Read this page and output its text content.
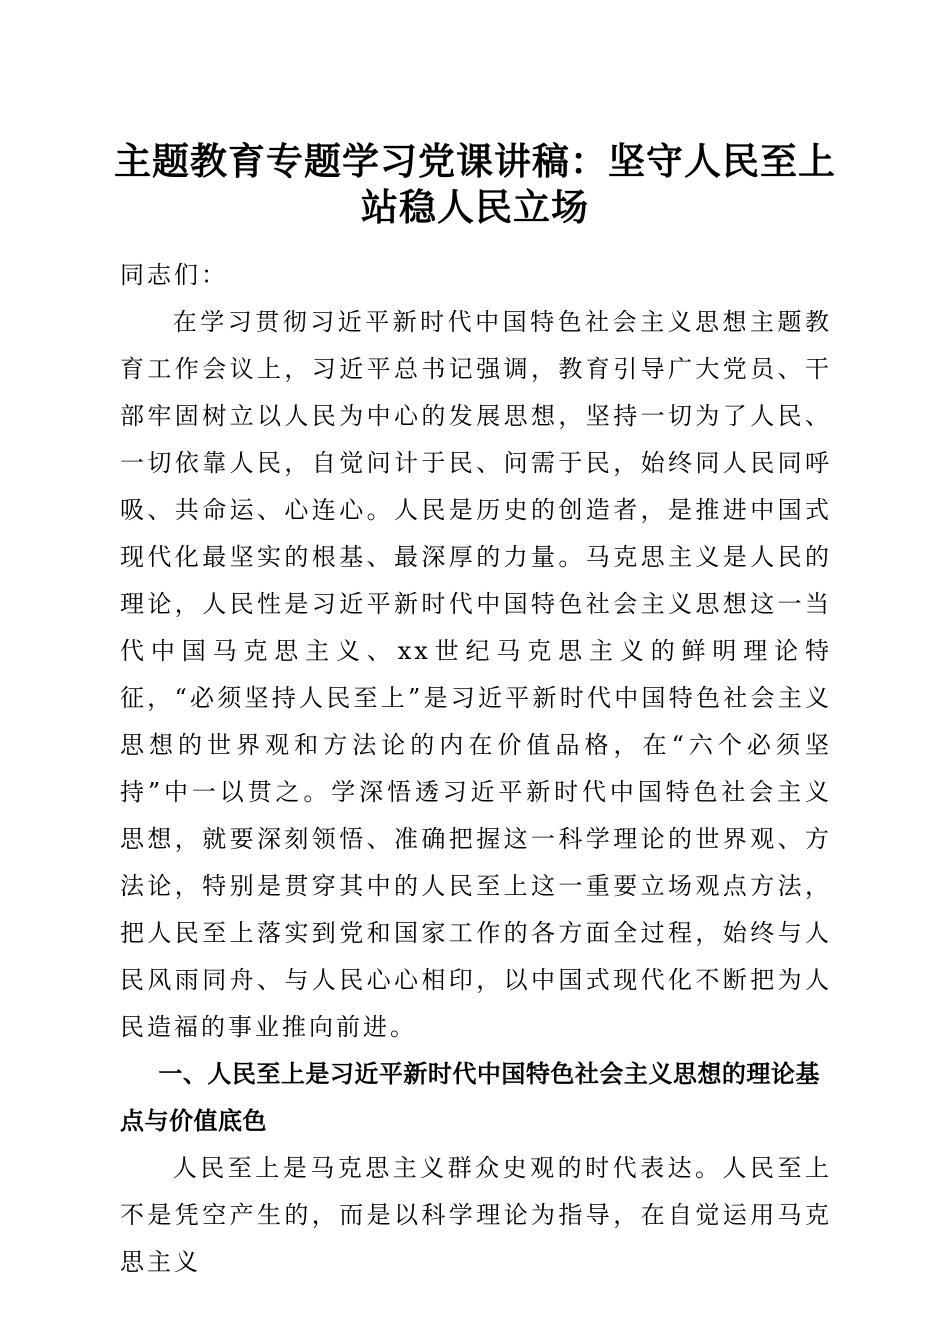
主题教育专题学习党课讲稿：坚守人民至上站稳人民立场

同志们：

在学习贯彻习近平新时代中国特色社会主义思想主题教育工作会议上，习近平总书记强调，教育引导广大党员、干部牢固树立以人民为中心的发展思想，坚持一切为了人民、一切依靠人民，自觉问计于民、问需于民，始终同人民同呼吸、共命运、心连心。人民是历史的创造者，是推进中国式现代化最坚实的根基、最深厚的力量。马克思主义是人民的理论，人民性是习近平新时代中国特色社会主义思想这一当代中国马克思主义、xx世纪马克思主义的鲜明理论特征，“必须坚持人民至上”是习近平新时代中国特色社会主义思想的世界观和方法论的内在价值品格，在“六个必须坚持”中一以贯之。学深悟透习近平新时代中国特色社会主义思想，就要深刻领悟、准确把握这一科学理论的世界观、方法论，特别是贯穿其中的人民至上这一重要立场观点方法，把人民至上落实到党和国家工作的各方面全过程，始终与人民风雨同舟、与人民心心相印，以中国式现代化不断把为人民造福的事业推向前进。

一、人民至上是习近平新时代中国特色社会主义思想的理论基点与价值底色

人民至上是马克思主义群众史观的时代表达。人民至上不是凭空产生的，而是以科学理论为指导，在自觉运用马克思主义
